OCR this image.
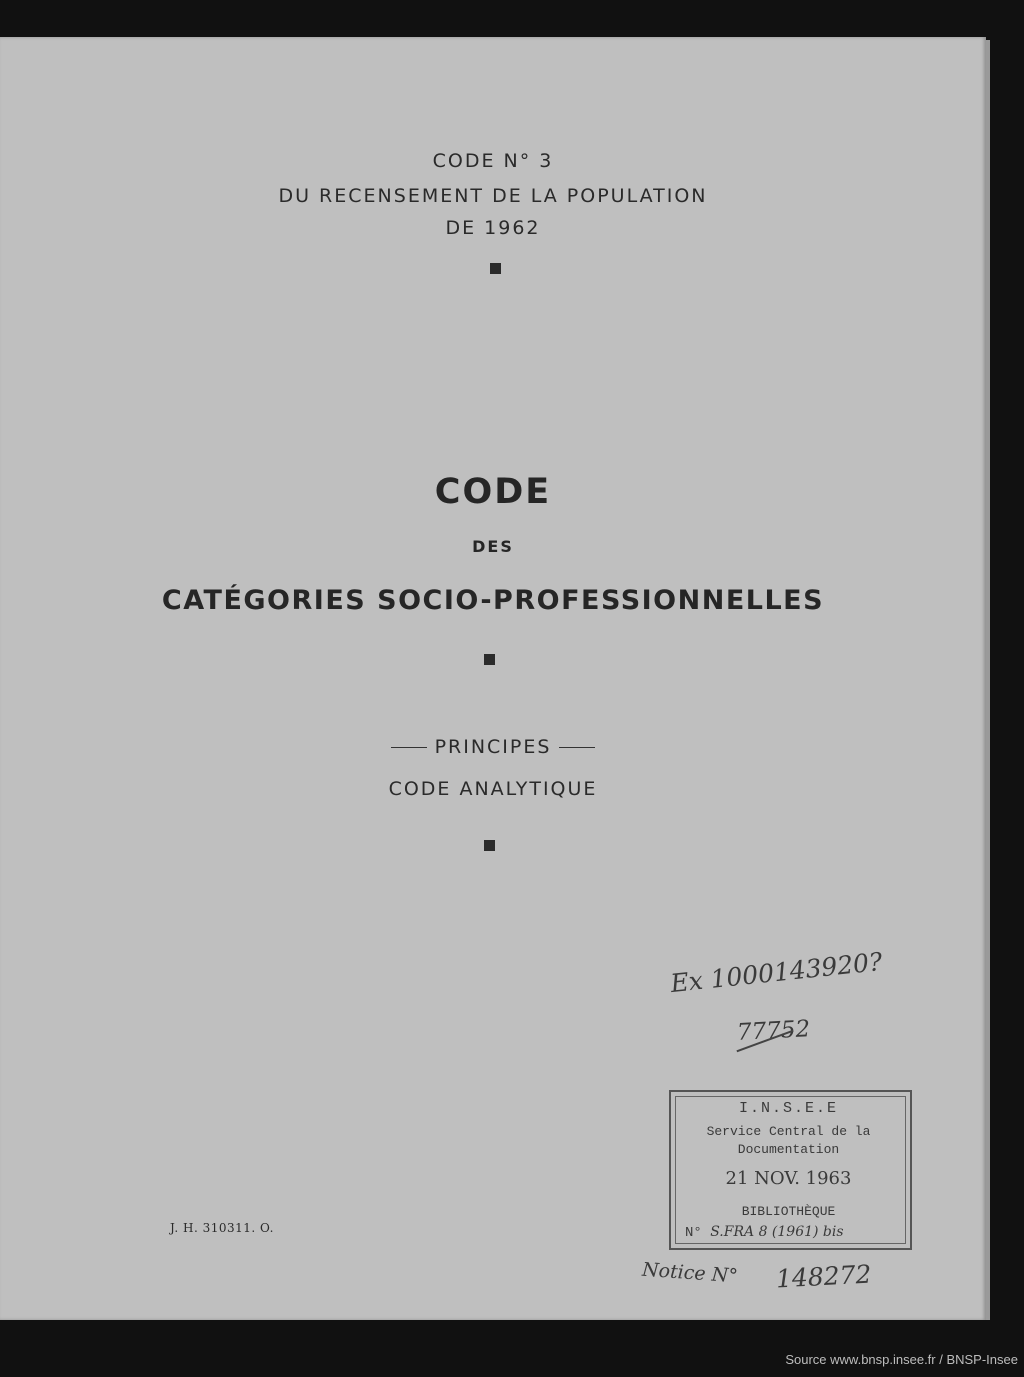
CODE N° 3
DU RECENSEMENT DE LA POPULATION
DE 1962
CODE
DES
CATÉGORIES SOCIO-PROFESSIONNELLES
PRINCIPES
CODE ANALYTIQUE
Ex 1000143920?
77752
I.N.S.E.E
Service Central de la
Documentation
21 NOV. 1963
BIBLIOTHÈQUE
N° S.FRA 8 (1961) bis
J. H. 310311. O.
Notice N° 148272
Source www.bnsp.insee.fr / BNSP-Insee
